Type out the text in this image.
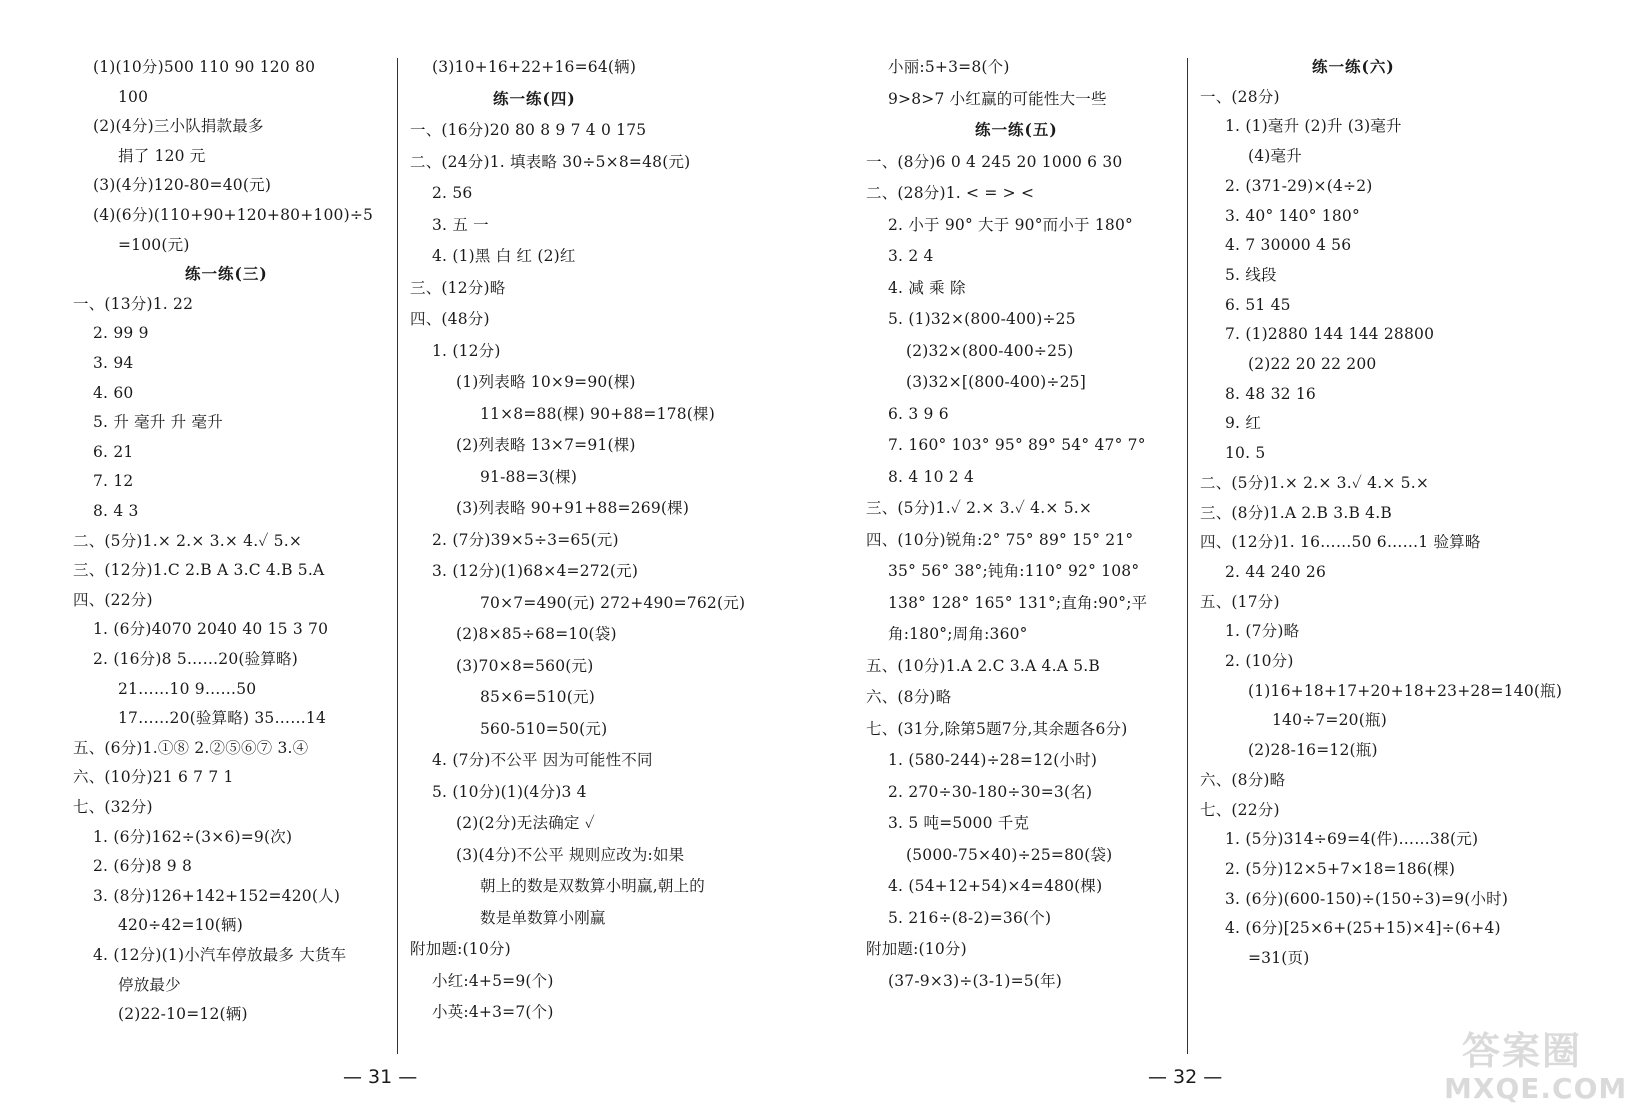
(1)(10分)500 110 90 120 80
100
(2)(4分)三小队捐款最多
捐了 120 元
(3)(4分)120-80=40(元)
(4)(6分)(110+90+120+80+100)÷5
=100(元)
练一练(三)
一、(13分)1. 22
2. 99 9
3. 94
4. 60
5. 升 毫升 升 毫升
6. 21
7. 12
8. 4 3
二、(5分)1.× 2.× 3.× 4.✓ 5.×
三、(12分)1.C 2.B A 3.C 4.B 5.A
四、(22分)
1. (6分)4070 2040 40 15 3 70
2. (16分)8 5……20(验算略)
21……10 9……50
17……20(验算略) 35……14
五、(6分)1.①⑧ 2.②⑤⑥⑦ 3.④
六、(10分)21 6 7 7 1
七、(32分)
1. (6分)162÷(3×6)=9(次)
2. (6分)8 9 8
3. (8分)126+142+152=420(人)
420÷42=10(辆)
4. (12分)(1)小汽车停放最多 大货车
停放最少
(2)22-10=12(辆)
(3)10+16+22+16=64(辆)
练一练(四)
一、(16分)20 80 8 9 7 4 0 175
二、(24分)1. 填表略 30÷5×8=48(元)
2. 56
3. 五 一
4. (1)黑 白 红 (2)红
三、(12分)略
四、(48分)
1. (12分)
(1)列表略 10×9=90(棵)
11×8=88(棵) 90+88=178(棵)
(2)列表略 13×7=91(棵)
91-88=3(棵)
(3)列表略 90+91+88=269(棵)
2. (7分)39×5÷3=65(元)
3. (12分)(1)68×4=272(元)
70×7=490(元) 272+490=762(元)
(2)8×85÷68=10(袋)
(3)70×8=560(元)
85×6=510(元)
560-510=50(元)
4. (7分)不公平 因为可能性不同
5. (10分)(1)(4分)3 4
(2)(2分)无法确定 ✓
(3)(4分)不公平 规则应改为:如果
朝上的数是双数算小明赢,朝上的
数是单数算小刚赢
附加题:(10分)
小红:4+5=9(个)
小英:4+3=7(个)
小丽:5+3=8(个)
9>8>7 小红赢的可能性大一些
练一练(五)
一、(8分)6 0 4 245 20 1000 6 30
二、(28分)1. < = > <
2. 小于 90° 大于 90°而小于 180°
3. 2 4
4. 减 乘 除
5. (1)32×(800-400)÷25
(2)32×(800-400÷25)
(3)32×[(800-400)÷25]
6. 3 9 6
7. 160° 103° 95° 89° 54° 47° 7°
8. 4 10 2 4
三、(5分)1.✓ 2.× 3.✓ 4.× 5.×
四、(10分)锐角:2° 75° 89° 15° 21°
35° 56° 38°;钝角:110° 92° 108°
138° 128° 165° 131°;直角:90°;平
角:180°;周角:360°
五、(10分)1.A 2.C 3.A 4.A 5.B
六、(8分)略
七、(31分,除第5题7分,其余题各6分)
1. (580-244)÷28=12(小时)
2. 270÷30-180÷30=3(名)
3. 5 吨=5000 千克
(5000-75×40)÷25=80(袋)
4. (54+12+54)×4=480(棵)
5. 216÷(8-2)=36(个)
附加题:(10分)
(37-9×3)÷(3-1)=5(年)
练一练(六)
一、(28分)
1. (1)毫升 (2)升 (3)毫升
(4)毫升
2. (371-29)×(4÷2)
3. 40° 140° 180°
4. 7 30000 4 56
5. 线段
6. 51 45
7. (1)2880 144 144 28800
(2)22 20 22 200
8. 48 32 16
9. 红
10. 5
二、(5分)1.× 2.× 3.✓ 4.× 5.×
三、(8分)1.A 2.B 3.B 4.B
四、(12分)1. 16……50 6……1 验算略
2. 44 240 26
五、(17分)
1. (7分)略
2. (10分)
(1)16+18+17+20+18+23+28=140(瓶)
140÷7=20(瓶)
(2)28-16=12(瓶)
六、(8分)略
七、(22分)
1. (5分)314÷69=4(件)……38(元)
2. (5分)12×5+7×18=186(棵)
3. (6分)(600-150)÷(150÷3)=9(小时)
4. (6分)[25×6+(25+15)×4]÷(6+4)
=31(页)
— 31 —	— 32 —
答案圈
MXQE.COM
